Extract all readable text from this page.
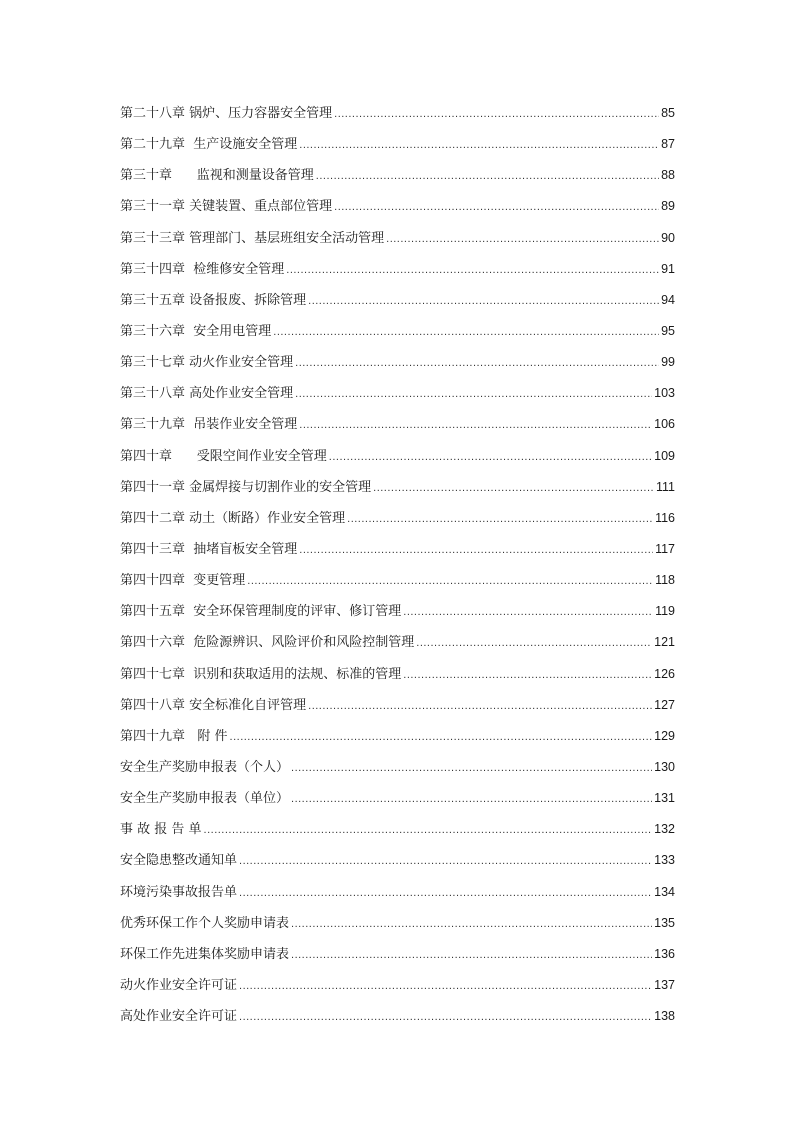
第二十八章 锅炉、压力容器安全管理 .....	85
第二十九章  生产设施安全管理 .....	87
第三十章      监视和测量设备管理 .....	88
第三十一章 关键装置、重点部位管理 .....	89
第三十三章 管理部门、基层班组安全活动管理 .....	90
第三十四章  检维修安全管理 .....	91
第三十五章 设备报废、拆除管理 .....	94
第三十六章  安全用电管理 .....	95
第三十七章 动火作业安全管理 .....	99
第三十八章 高处作业安全管理 .....	103
第三十九章  吊装作业安全管理 .....	106
第四十章      受限空间作业安全管理 .....	109
第四十一章 金属焊接与切割作业的安全管理 .....	111
第四十二章 动土（断路）作业安全管理 .....	116
第四十三章  抽堵盲板安全管理 .....	117
第四十四章  变更管理 .....	118
第四十五章  安全环保管理制度的评审、修订管理 .....	119
第四十六章  危险源辨识、风险评价和风险控制管理 .....	121
第四十七章  识别和获取适用的法规、标准的管理 .....	126
第四十八章 安全标准化自评管理 .....	127
第四十九章   附 件 .....	129
安全生产奖励申报表（个人） .....	130
安全生产奖励申报表（单位） .....	131
事 故 报 告 单 .....	132
安全隐患整改通知单 .....	133
环境污染事故报告单 .....	134
优秀环保工作个人奖励申请表 .....	135
环保工作先进集体奖励申请表 .....	136
动火作业安全许可证 .....	137
高处作业安全许可证 .....	138
